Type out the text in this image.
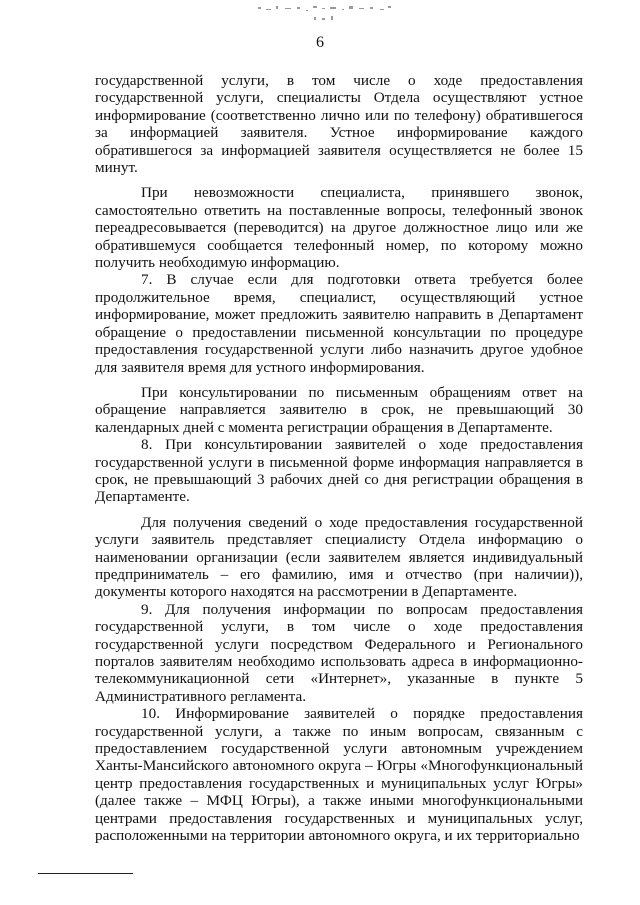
6

государственной услуги, в том числе о ходе предоставления государственной услуги, специалисты Отдела осуществляют устное информирование (соответственно лично или по телефону) обратившегося за информацией заявителя. Устное информирование каждого обратившегося за информацией заявителя осуществляется не более 15 минут.

При невозможности специалиста, принявшего звонок, самостоятельно ответить на поставленные вопросы, телефонный звонок переадресовывается (переводится) на другое должностное лицо или же обратившемуся сообщается телефонный номер, по которому можно получить необходимую информацию.

7. В случае если для подготовки ответа требуется более продолжительное время, специалист, осуществляющий устное информирование, может предложить заявителю направить в Департамент обращение о предоставлении письменной консультации по процедуре предоставления государственной услуги либо назначить другое удобное для заявителя время для устного информирования.

При консультировании по письменным обращениям ответ на обращение направляется заявителю в срок, не превышающий 30 календарных дней с момента регистрации обращения в Департаменте.

8. При консультировании заявителей о ходе предоставления государственной услуги в письменной форме информация направляется в срок, не превышающий 3 рабочих дней со дня регистрации обращения в Департаменте.

Для получения сведений о ходе предоставления государственной услуги заявитель представляет специалисту Отдела информацию о наименовании организации (если заявителем является индивидуальный предприниматель – его фамилию, имя и отчество (при наличии)), документы которого находятся на рассмотрении в Департаменте.

9. Для получения информации по вопросам предоставления государственной услуги, в том числе о ходе предоставления государственной услуги посредством Федерального и Регионального порталов заявителям необходимо использовать адреса в информационно-телекоммуникационной сети «Интернет», указанные в пункте 5 Административного регламента.

10. Информирование заявителей о порядке предоставления государственной услуги, а также по иным вопросам, связанным с предоставлением государственной услуги автономным учреждением Ханты-Мансийского автономного округа – Югры «Многофункциональный центр предоставления государственных и муниципальных услуг Югры» (далее также – МФЦ Югры), а также иными многофункциональными центрами предоставления государственных и муниципальных услуг, расположенными на территории автономного округа, и их территориально
